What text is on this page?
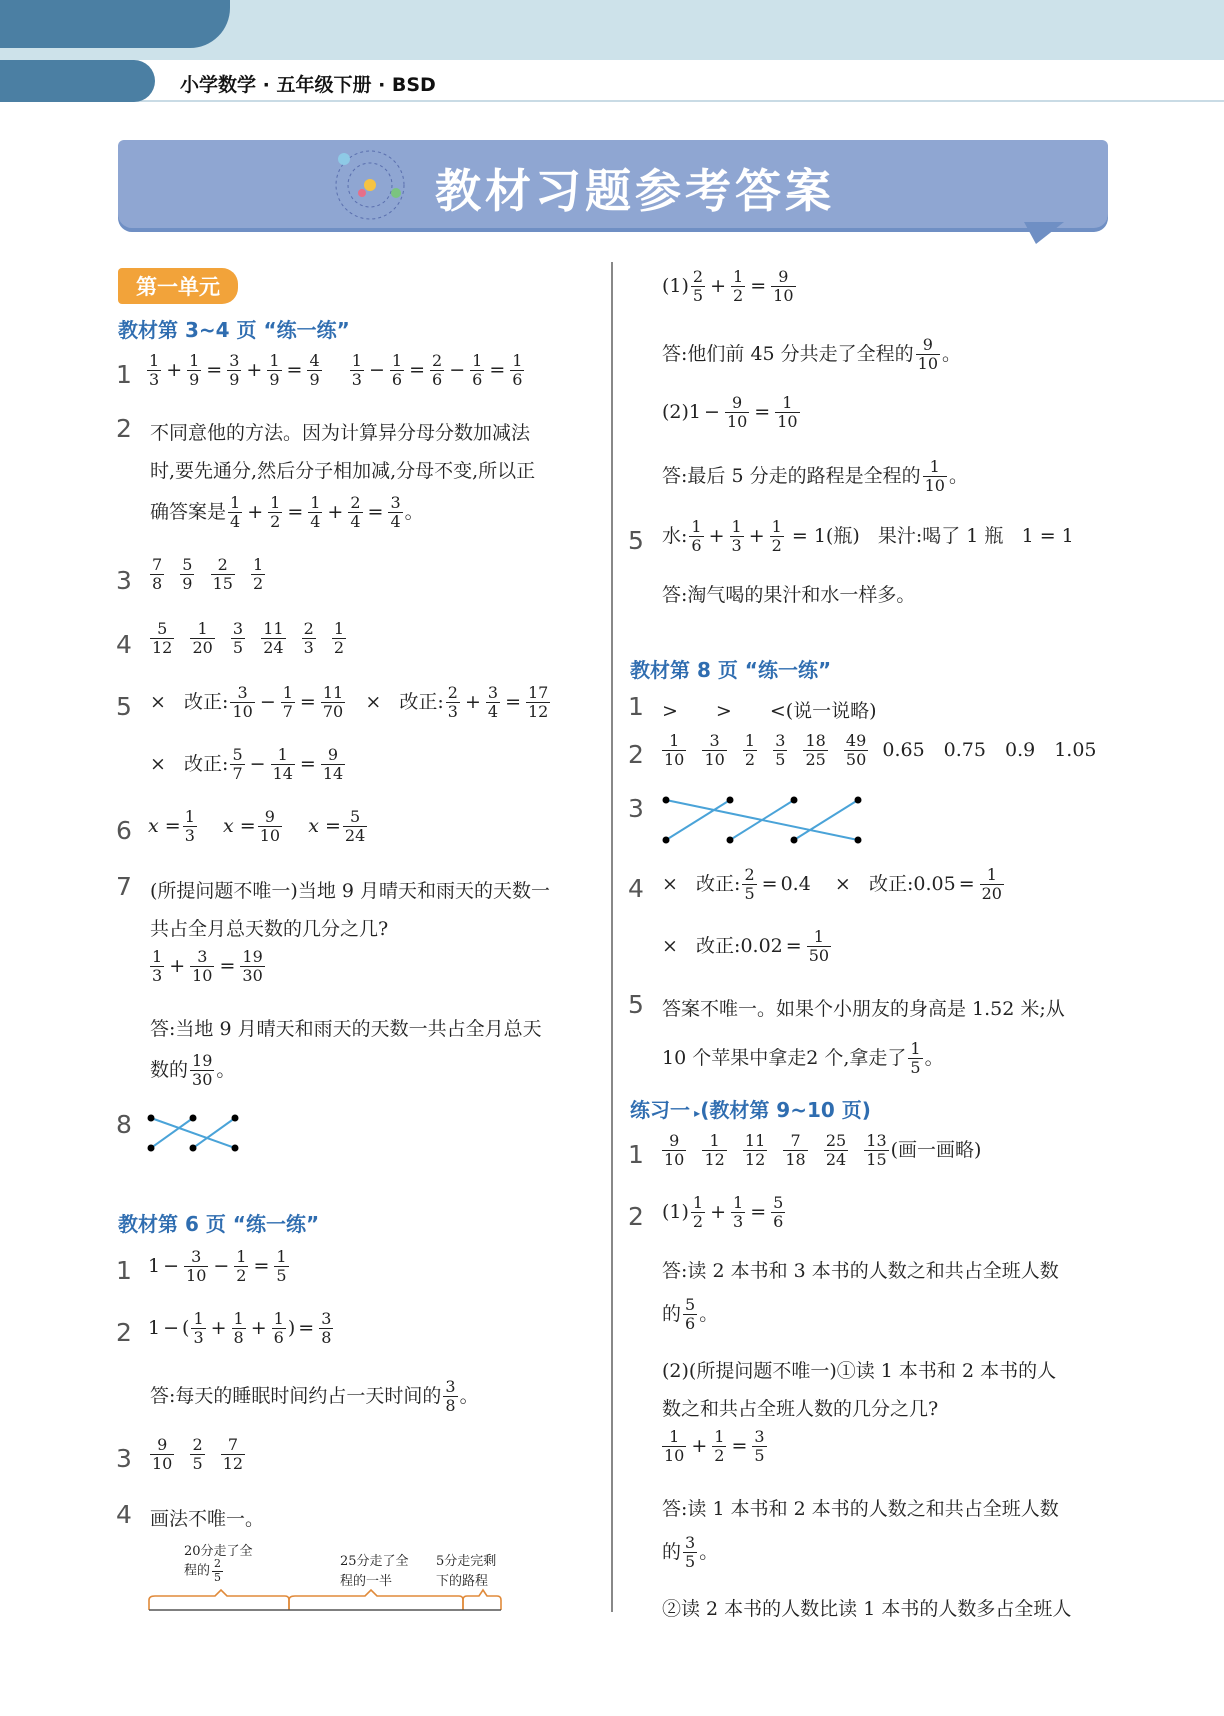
小学数学 · 五年级下册 · BSD
教材习题参考答案
第一单元
教材第 3~4 页 “练一练”
$1 \frac{1}{3} + \frac{1}{9} = \frac{3}{9} + \frac{1}{9} = \frac{4}{9}$
$\frac{1}{3} - \frac{1}{6} = \frac{2}{6} - \frac{1}{6} = \frac{1}{6}$
2 不同意他的方法。因为计算异分母分数加减法
时,要先通分,然后分子相加减,分母不变,所以正
确答案是 $\frac{1}{4} + \frac{1}{2} = \frac{1}{4} + \frac{2}{4} = \frac{3}{4}$ 。
$3 \frac{7}{8}$
$\frac{5}{9}$
$\frac{2}{15}$
$\frac{1}{2}$
$4 \frac{5}{12}$
$\frac{1}{20}$
$\frac{3}{5}$
$\frac{11}{24}$
$\frac{2}{3}$
$\frac{1}{2}$
5 ×   改正: $\frac{3}{10} - \frac{1}{7} = \frac{11}{70}$ ×   改正: $\frac{2}{3} + \frac{3}{4} = \frac{17}{12}$
×   改正: $\frac{5}{7} - \frac{1}{14} = \frac{9}{14}$
6 $x = \frac{1}{3}$ $x = \frac{9}{10}$ $x = \frac{5}{24}$
7 (所提问题不唯一)当地 9 月晴天和雨天的天数一
共占全月总天数的几分之几?
$\frac{1}{3} + \frac{3}{10} = \frac{19}{30}$
答:当地 9 月晴天和雨天的天数一共占全月总天
数的 $\frac{19}{30}$ 。
8
教材第 6 页 “练一练”
1 $1 - \frac{3}{10} - \frac{1}{2} = \frac{1}{5}$
2 1 − ( $\frac{1}{3} + \frac{1}{8} + \frac{1}{6}$ ) = $\frac{3}{8}$
答:每天的睡眠时间约占一天时间的 $\frac{3}{8}$ 。
$3 \frac{9}{10}$
$\frac{2}{5}$
$\frac{7}{12}$
4 画法不唯一。
20分走了全
程的 $\frac{2}{5}$	25分走了全
程的一半
5分走完剩
下的路程
$(1) \frac{2}{5} + \frac{1}{2} = \frac{9}{10}$
答:他们前 45 分共走了全程的 $\frac{9}{10}$ 。
$(2)1 - \frac{9}{10} = \frac{1}{10}$
答:最后 5 分走的路程是全程的 $\frac{1}{10}$ 。
5 水: $\frac{1}{6} + \frac{1}{3} + \frac{1}{2} = 1$(瓶) 果汁:喝了 1 瓶 1 = 1
答:淘气喝的果汁和水一样多。
教材第 8 页 “练一练”
1 >　　>　　<(说一说略)
$2 \frac{1}{10}$
$\frac{3}{10}$
$\frac{1}{2}$
$\frac{3}{5}$
$\frac{18}{25}$
$\frac{49}{50} 0.65$　0.75　0.9　1.05
3
4 ×   改正: $\frac{2}{5} = 0.4$    ×   改正:0.05 = $\frac{1}{20}$
×   改正:0.02 = $\frac{1}{50}$
5 答案不唯一。如果个小朋友的身高是 1.52 米;从
10 个苹果中拿走2 个,拿走了 $\frac{1}{5}$ 。
练习一 ▸(教材第 9~10 页)
$1 \frac{9}{10}$
$\frac{1}{12}$
$\frac{11}{12}$
$\frac{7}{18}$
$\frac{25}{24}$
$\frac{13}{15}$ (画一画略)
2 $(1) \frac{1}{2} + \frac{1}{3} = \frac{5}{6}$
答:读 2 本书和 3 本书的人数之和共占全班人数
的 $\frac{5}{6}$ 。
(2)(所提问题不唯一)①读 1 本书和 2 本书的人
数之和共占全班人数的几分之几?
$\frac{1}{10} + \frac{1}{2} = \frac{3}{5}$
答:读 1 本书和 2 本书的人数之和共占全班人数
的 $\frac{3}{5}$ 。
②读 2 本书的人数比读 1 本书的人数多占全班人
